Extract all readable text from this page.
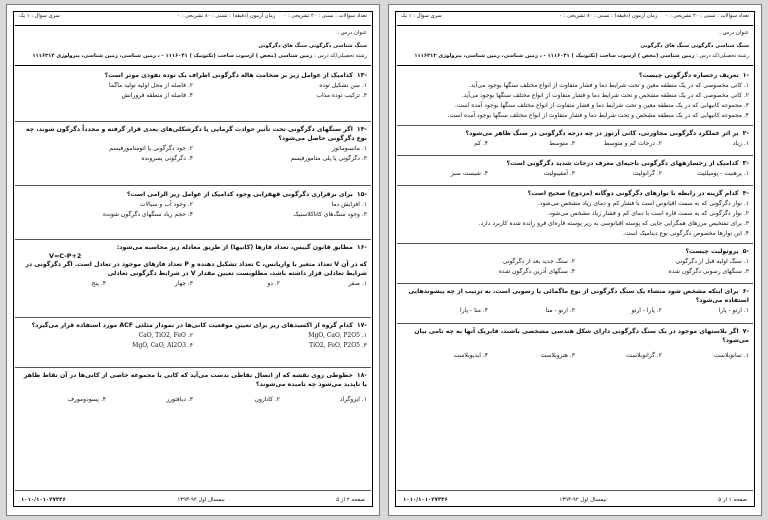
تعداد سوالات : تستی : ۲۰ تشریحی : ۰
زمان آزمون (دقیقه) : تستی : ۸۰ تشریحی : ۰
سری سوال : ۱ یک
عنوان درس :
سنگ شناسی دگرگونی سنگ های دگرگونی
رشته تحصیلی/کد درس : زمین شناسی (محض ) ارسوب ساخت (تکتونیک ) ۱۱۱۶۰۴۱ - ، زمین شناسی، زمین شناسی، پترولوژی ۱۱۱۶۳۱۳
-۱۳کدامیک از عوامل زیر بر ضخامت هاله دگرگونی اطراف یک توده نفوذی موثر است؟
۱. سن تشکیل توده
۲. فاصله از محل اولیه تولید ماگما
۳. ترکیب توده مذاب
۴. فاصله از منطقه فرورانش
-۱۴اگر سنگهای دگرگونی تحت تأثیر حوادث گرمایی یا دگرشکلی‌های بعدی قرار گرفته و مجدداً دگرگون شوند، چه نوع دگرگونی حاصل می‌شود؟
۱. مانسوماتوز
۲. خود دگرگونی یا اتومتامورفیسم
۳. دگرگونی یا پلی متامورفیسم
۴. دگرگونی پسرونده
-۱۵برای برقراری دگرگونی قهقرایی وجود کدامیک از عوامل زیر الزامی است؟
۱. افزایش دما
۲. وجود آب و سیالات
۳. وجود سنگ‌های کاتاکلاستیک
۴. حجم زیاد سنگهای دگرگون شونده
-۱۶مطابق قانون گیبس، تعداد فازها (کانیها) از طریق معادله زیر محاسبه می‌شود:
V=C-P+2
که در آن V تعداد متغیر با واریانس، C تعداد تشکیل دهنده و P تعداد فازهای موجود در تعادل است. اگر دگرگونی در شرایط تعادلی قرار داشته باشد، مطلوبست تعیین مقدار V در شرایط دگرگونی تعادلی
۱. صفر
۲. دو
۳. چهار
۴. پنج
-۱۷کدام گروه از اکسیدهای زیر برای تعیین موقعیت کانی‌ها در نمودار مثلثی ACF مورد استفاده قرار می‌گیرد؟
۱. MgO, CaO, P2O5
۲. CaO, TiO2, FeO
۳. TiO2, FeO, P2O5
۴. MgO, CaO, Al2O3
-۱۸خطوطی روی نقشه که از اتصال نقاطی بدست می‌آید که کانی یا مجموعه خاصی از کانی‌ها در آن نقاط ظاهر یا ناپدید می‌شود چه نامیده می‌شوند؟
۱. ایزوگراد
۲. کانازون
۳. دیافتورز
۴. پسودومورف
صفحه ۲ از ۵
نیمسال اول ۹۲-۱۳۹۳
۱۰۱۰/۱۰۱۰۲۷۳۴۶
تعداد سوالات : تستی : ۲۰ تشریحی : ۰
زمان آزمون (دقیقه) : تستی : ۸۰ تشریحی : ۰
سری سوال : ۱ یک
عنوان درس :
سنگ شناسی دگرگونی سنگ های دگرگونی
رشته تحصیلی/کد درس : زمین شناسی (محض ) ارسوب ساخت (تکتونیک ) ۱۱۱۶۰۴۱ - ، زمین شناسی، زمین شناسی، پترولوژی ۱۱۱۶۳۱۳
-۱تعریف رخساره دگرگونی چیست؟
۱. کانی مخصوصی که در یک منطقه معین و تحت شرایط دما و فشار متفاوت از انواع مختلف سنگها بوجود می‌آید.
۲. کانی مخصوصی که در یک منطقه مشخص و تحت شرایط دما و فشار متفاوت از انواع مختلف سنگها بوجود می‌آید.
۳. مجموعه کانیهایی که در یک منطقه معین و تحت شرایط دما و فشار متفاوت از انواع مختلف سنگها بوجود آمده است.
۴. مجموعه کانیهایی که در یک منطقه مشخص و تحت شرایط دما و فشار متفاوت از انواع مختلف سنگها بوجود آمده است.
-۲بر اثر عملکرد دگرگونی مجاورتی، کانی آرتوز در چه درجه دگرگونی در سنگ ظاهر می‌شود؟
۱. زیاد
۲. درجات کم و متوسط
۳. متوسط
۴. کم
-۳کدامیک از رخسارههای دگرگونی ناحیه‌ای معرف درجات شدید دگرگونی است؟
۱. پرهنیت - پومپلئیت
۲. گرانولیت
۳. آمفیبولیت
۴. شیست سبز
-۴کدام گزینه در رابطه با نوارهای دگرگونی دوگانه (مزدوج) صحیح است؟
۱. نوار دگرگونی که به سمت اقیانوس است با فشار کم و دمای زیاد مشخص می‌شود.
۲. نوار دگرگونی که به سمت قاره است با دمای کم و فشار زیاد مشخص می‌شود.
۳. برای تشخیص مرزهای همگرایی جایی که پوسته اقیانوسی به زیر پوسته قاره‌ای فرو رانده شده کاربرد دارد.
۴. این نوارها مخصوص دگرگونی نوع دینامیک است.
-۵پروتولیت چیست؟
۱. سنگ اولیه قبل از دگرگونی
۲. سنگ جدید بعد از دگرگونی
۳. سنگهای رسوبی دگرگون شده
۴. سنگهای آذرین دگرگون شده
-۶برای اینکه مشخص شود منشاء یک سنگ دگرگونی از نوع ماگمائی یا رسوبی است، به ترتیب از چه پیشوندهایی استفاده می‌شود؟
۱. ارتو - پارا
۲. پارا - ارتو
۳. ارتو - متا
۴. متا - پارا
-۷اگر بلاستهای موجود در یک سنگ دگرگونی دارای شکل هندسی مشخصی باشند، فابریک آنها به چه نامی بیان می‌شود؟
۱. تماتوبلاست
۲. گرانوبلاست
۳. هتروبلاست
۴. ایدیوبلاست
صفحه ۱ از ۵
نیمسال اول ۹۲-۱۳۹۳
۱۰۱۰/۱۰۱۰۲۷۳۴۶
